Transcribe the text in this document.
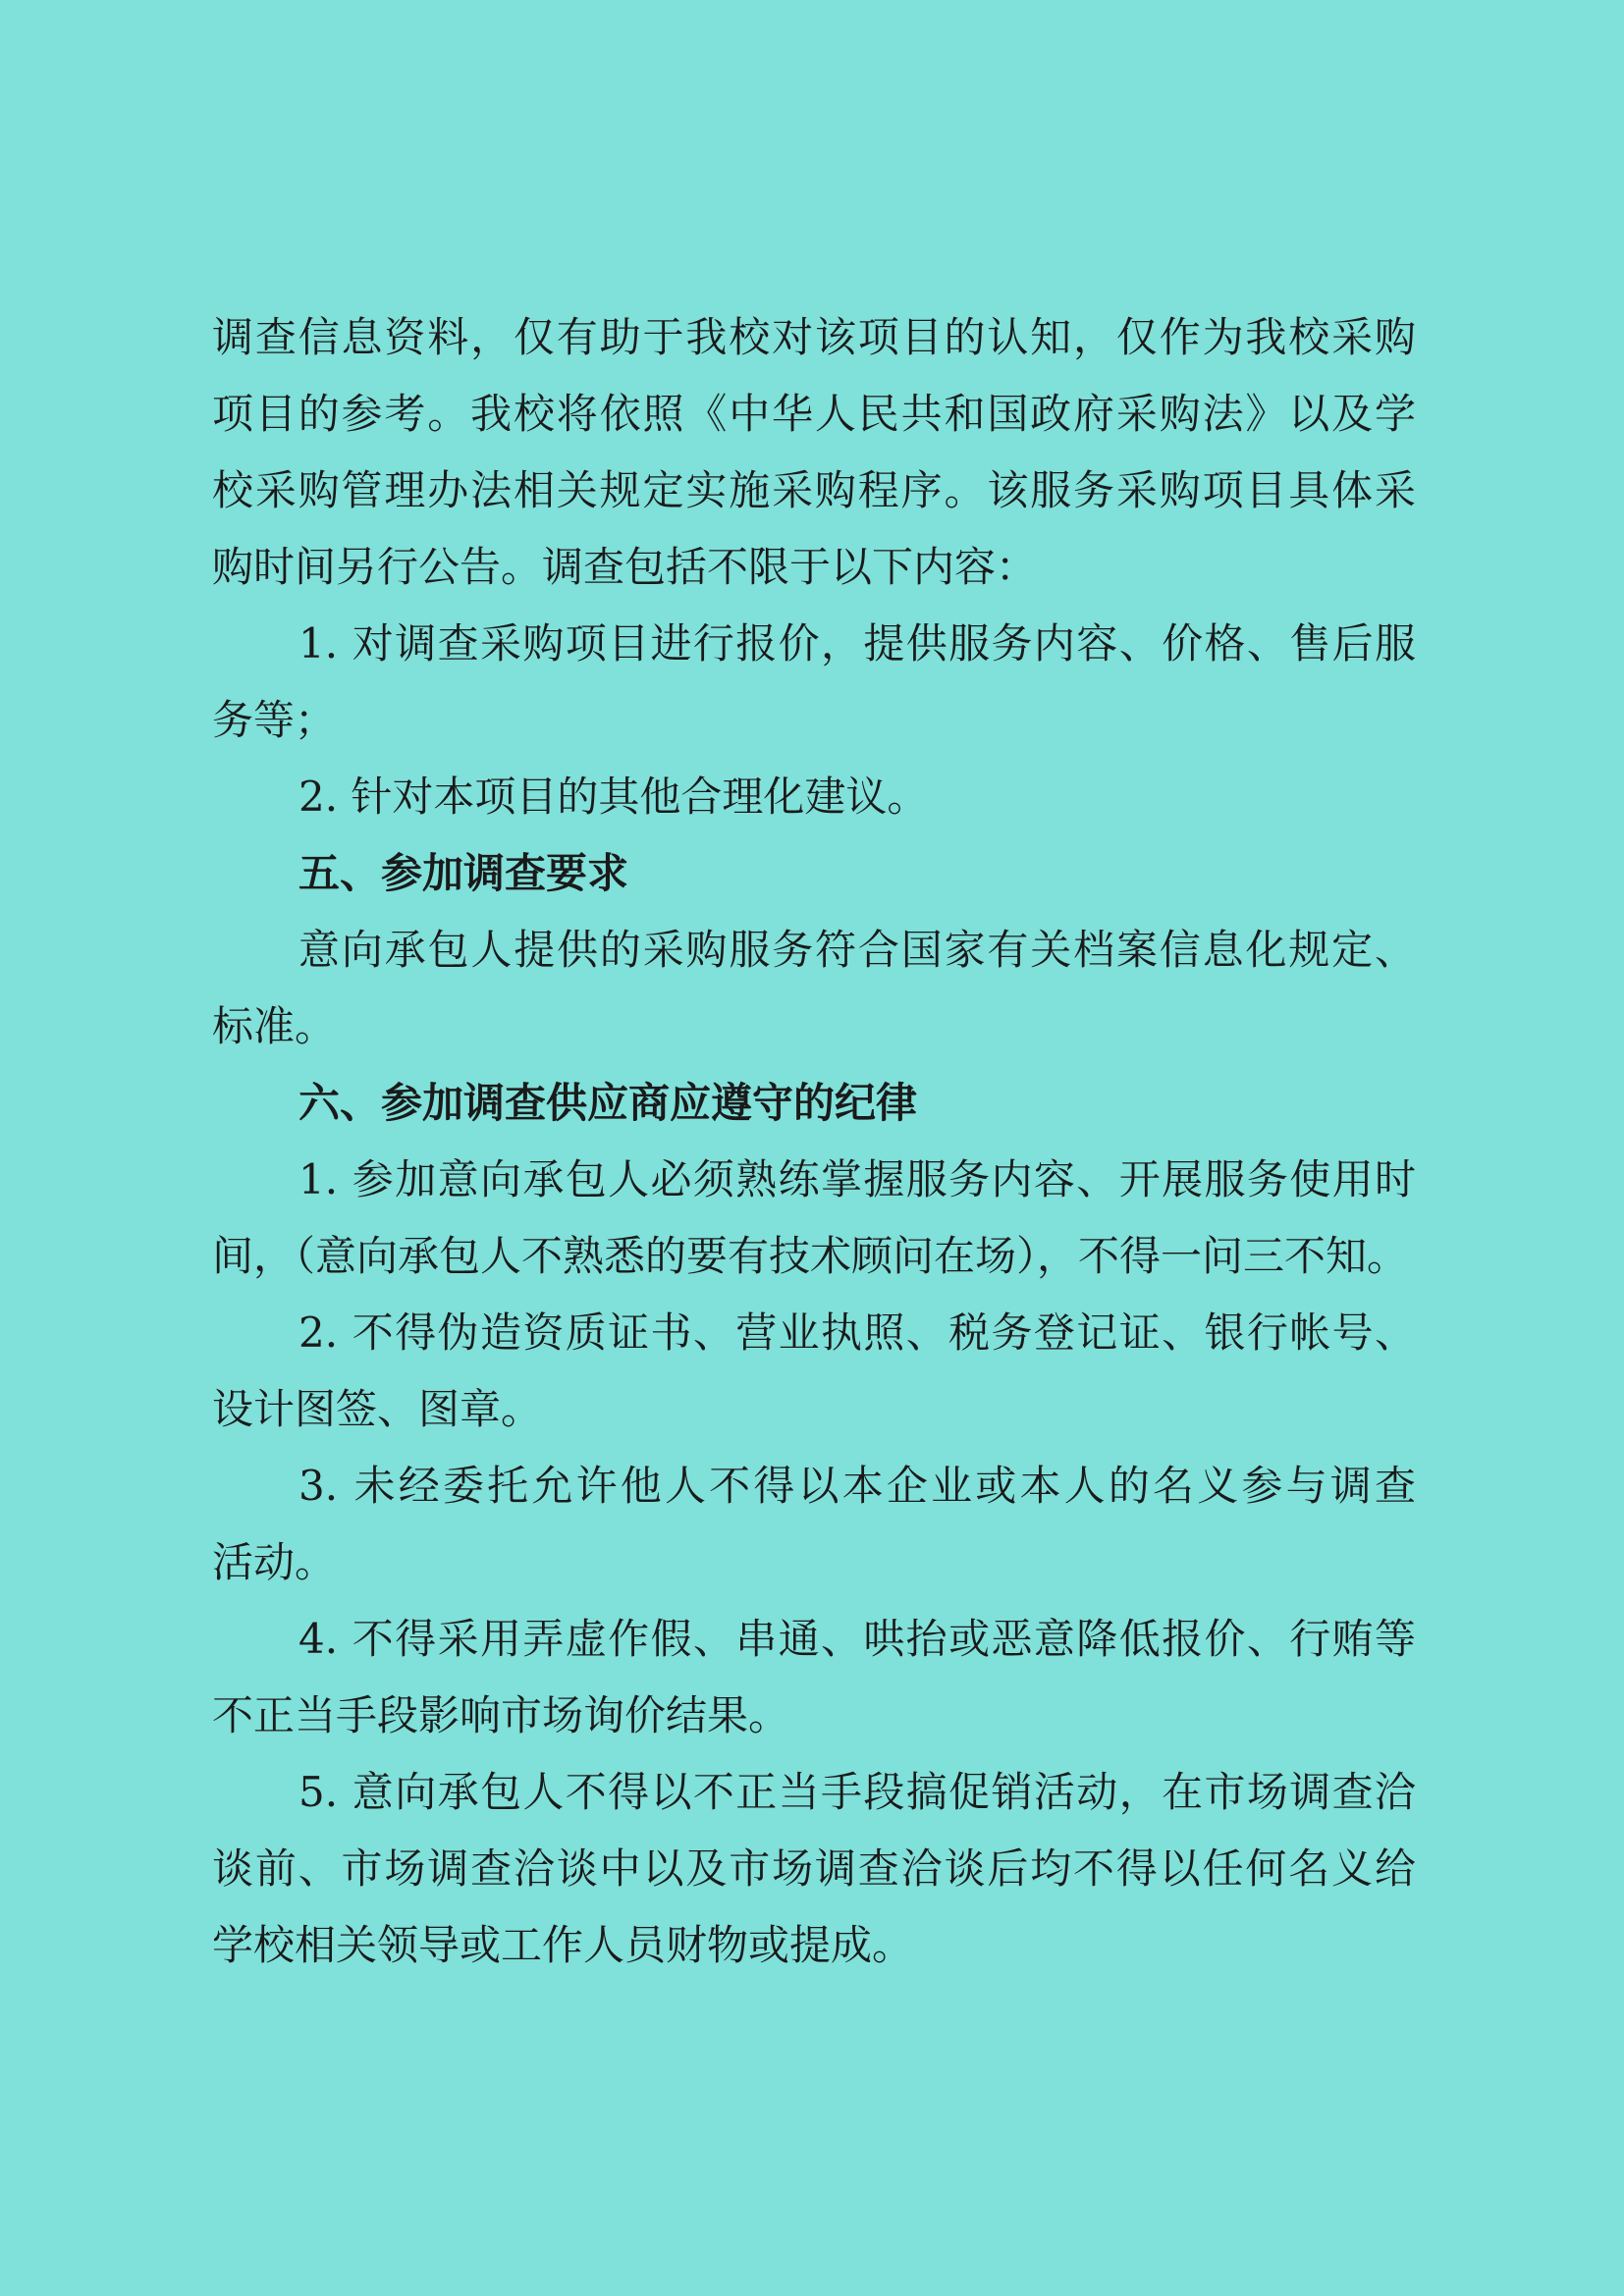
调查信息资料，仅有助于我校对该项目的认知，仅作为我校采购
项目的参考。我校将依照《中华人民共和国政府采购法》以及学
校采购管理办法相关规定实施采购程序。该服务采购项目具体采
购时间另行公告。调查包括不限于以下内容：
1. 对调查采购项目进行报价，提供服务内容、价格、售后服
务等；
2. 针对本项目的其他合理化建议。
五、参加调查要求
意向承包人提供的采购服务符合国家有关档案信息化规定、
标准。
六、参加调查供应商应遵守的纪律
1. 参加意向承包人必须熟练掌握服务内容、开展服务使用时
间，（意向承包人不熟悉的要有技术顾问在场），不得一问三不知。
2. 不得伪造资质证书、营业执照、税务登记证、银行帐号、
设计图签、图章。
3. 未经委托允许他人不得以本企业或本人的名义参与调查
活动。
4. 不得采用弄虚作假、串通、哄抬或恶意降低报价、行贿等
不正当手段影响市场询价结果。
5. 意向承包人不得以不正当手段搞促销活动，在市场调查洽
谈前、市场调查洽谈中以及市场调查洽谈后均不得以任何名义给
学校相关领导或工作人员财物或提成。
